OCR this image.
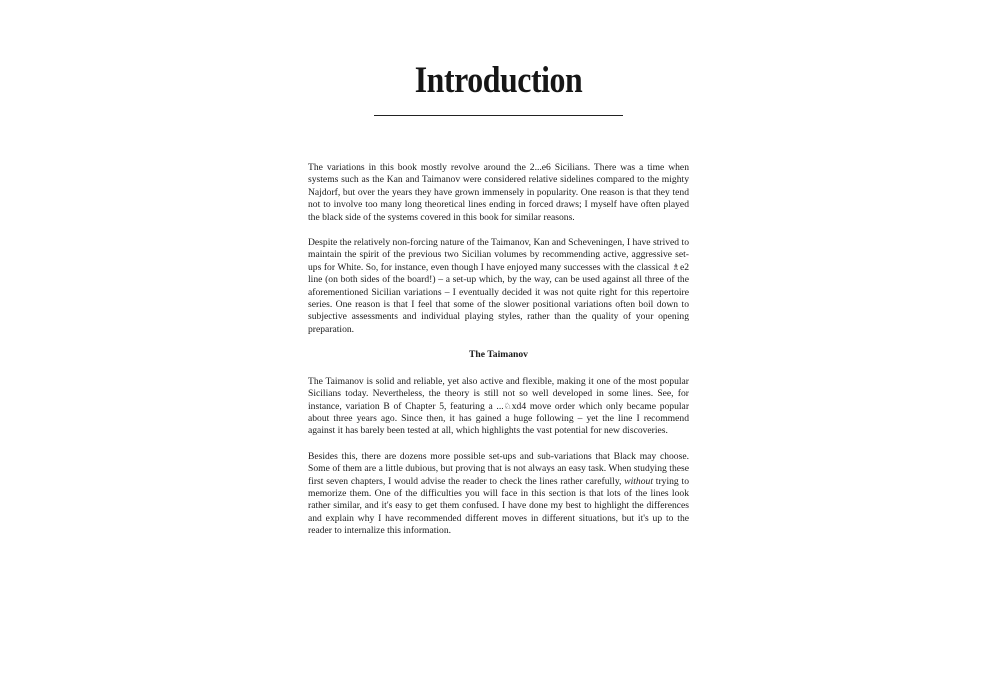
Introduction

The variations in this book mostly revolve around the 2...e6 Sicilians. There was a time when systems such as the Kan and Taimanov were considered relative sidelines compared to the mighty Najdorf, but over the years they have grown immensely in popularity. One reason is that they tend not to involve too many long theoretical lines ending in forced draws; I myself have often played the black side of the systems covered in this book for similar reasons.

Despite the relatively non-forcing nature of the Taimanov, Kan and Scheveningen, I have strived to maintain the spirit of the previous two Sicilian volumes by recommending active, aggressive set-ups for White. So, for instance, even though I have enjoyed many successes with the classical ♗e2 line (on both sides of the board!) – a set-up which, by the way, can be used against all three of the aforementioned Sicilian variations – I eventually decided it was not quite right for this repertoire series. One reason is that I feel that some of the slower positional variations often boil down to subjective assessments and individual playing styles, rather than the quality of your opening preparation.

The Taimanov

The Taimanov is solid and reliable, yet also active and flexible, making it one of the most popular Sicilians today. Nevertheless, the theory is still not so well developed in some lines. See, for instance, variation B of Chapter 5, featuring a ...♘xd4 move order which only became popular about three years ago. Since then, it has gained a huge following – yet the line I recommend against it has barely been tested at all, which highlights the vast potential for new discoveries.

Besides this, there are dozens more possible set-ups and sub-variations that Black may choose. Some of them are a little dubious, but proving that is not always an easy task. When studying these first seven chapters, I would advise the reader to check the lines rather carefully, without trying to memorize them. One of the difficulties you will face in this section is that lots of the lines look rather similar, and it's easy to get them confused. I have done my best to highlight the differences and explain why I have recommended different moves in different situations, but it's up to the reader to internalize this information.
